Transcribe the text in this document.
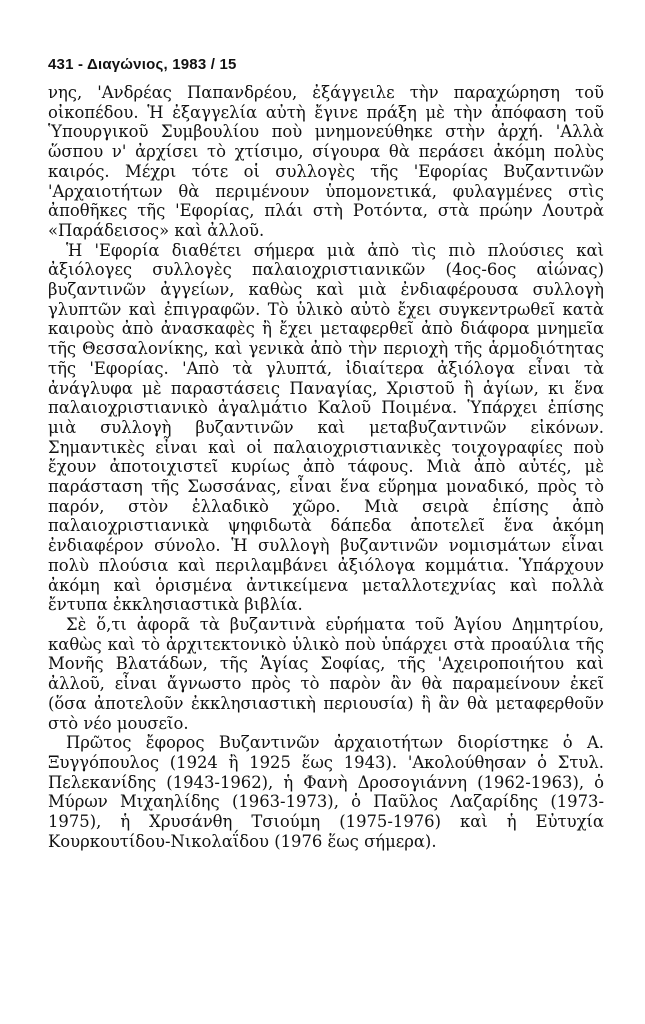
431 - Διαγώνιος, 1983 / 15

νης, 'Ανδρέας Παπανδρέου, ἐξάγγειλε τὴν παραχώρηση τοῦ οἰκοπέδου. Ἡ ἐξαγγελία αὐτὴ ἔγινε πράξη μὲ τὴν ἀπόφαση τοῦ Ὑπουργικοῦ Συμβουλίου ποὺ μνημονεύθηκε στὴν ἀρχή. 'Αλλὰ ὥσπου ν' ἀρχίσει τὸ χτίσιμο, σίγουρα θὰ περάσει ἀκόμη πολὺς καιρός. Μέχρι τότε οἱ συλλογὲς τῆς 'Εφορίας Βυζαντινῶν 'Αρχαιοτήτων θὰ περιμένουν ὑπομονετικά, φυλαγμένες στὶς ἀποθῆκες τῆς 'Εφορίας, πλάι στὴ Ροτόντα, στὰ πρώην Λουτρὰ «Παράδεισος» καὶ ἀλλοῦ.

Ἡ 'Εφορία διαθέτει σήμερα μιὰ ἀπὸ τὶς πιὸ πλούσιες καὶ ἀξιόλογες συλλογὲς παλαιοχριστιανικῶν (4ος-6ος αἰώνας) βυζαντινῶν ἀγγείων, καθὼς καὶ μιὰ ἐνδιαφέρουσα συλλογὴ γλυπτῶν καὶ ἐπιγραφῶν. Τὸ ὑλικὸ αὐτὸ ἔχει συγκεντρωθεῖ κατὰ καιροὺς ἀπὸ ἀνασκαφὲς ἢ ἔχει μεταφερθεῖ ἀπὸ διάφορα μνημεῖα τῆς Θεσσαλονίκης, καὶ γενικὰ ἀπὸ τὴν περιοχὴ τῆς ἁρμοδιότητας τῆς 'Εφορίας. 'Απὸ τὰ γλυπτά, ἰδιαίτερα ἀξιόλογα εἶναι τὰ ἀνάγλυφα μὲ παραστάσεις Παναγίας, Χριστοῦ ἢ ἁγίων, κι ἕνα παλαιοχριστιανικὸ ἀγαλμάτιο Καλοῦ Ποιμένα. Ὑπάρχει ἐπίσης μιὰ συλλογὴ βυζαντινῶν καὶ μεταβυζαντινῶν εἰκόνων. Σημαντικὲς εἶναι καὶ οἱ παλαιοχριστιανικὲς τοιχογραφίες ποὺ ἔχουν ἀποτοιχιστεῖ κυρίως ἀπὸ τάφους. Μιὰ ἀπὸ αὐτές, μὲ παράσταση τῆς Σωσσάνας, εἶναι ἕνα εὕρημα μοναδικό, πρὸς τὸ παρόν, στὸν ἑλλαδικὸ χῶρο. Μιὰ σειρὰ ἐπίσης ἀπὸ παλαιοχριστιανικὰ ψηφιδωτὰ δάπεδα ἀποτελεῖ ἕνα ἀκόμη ἐνδιαφέρον σύνολο. Ἡ συλλογὴ βυζαντινῶν νομισμάτων εἶναι πολὺ πλούσια καὶ περιλαμβάνει ἀξιόλογα κομμάτια. Ὑπάρχουν ἀκόμη καὶ ὁρισμένα ἀντικείμενα μεταλλοτεχνίας καὶ πολλὰ ἔντυπα ἐκκλησιαστικὰ βιβλία.

Σὲ ὅ,τι ἀφορᾶ τὰ βυζαντινὰ εὑρήματα τοῦ Ἁγίου Δημητρίου, καθὼς καὶ τὸ ἀρχιτεκτονικὸ ὑλικὸ ποὺ ὑπάρχει στὰ προαύλια τῆς Μονῆς Βλατάδων, τῆς Ἁγίας Σοφίας, τῆς 'Αχειροποιήτου καὶ ἀλλοῦ, εἶναι ἄγνωστο πρὸς τὸ παρὸν ἂν θὰ παραμείνουν ἐκεῖ (ὅσα ἀποτελοῦν ἐκκλησιαστικὴ περιουσία) ἢ ἂν θὰ μεταφερθοῦν στὸ νέο μουσεῖο.

Πρῶτος ἔφορος Βυζαντινῶν ἀρχαιοτήτων διορίστηκε ὁ Α. Ξυγγόπουλος (1924 ἢ 1925 ἕως 1943). 'Ακολούθησαν ὁ Στυλ. Πελεκανίδης (1943-1962), ἡ Φανὴ Δροσογιάννη (1962-1963), ὁ Μύρων Μιχαηλίδης (1963-1973), ὁ Παῦλος Λαζαρίδης (1973-1975), ἡ Χρυσάνθη Τσιούμη (1975-1976) καὶ ἡ Εὐτυχία Κουρκουτίδου-Νικολαΐδου (1976 ἕως σήμερα).
